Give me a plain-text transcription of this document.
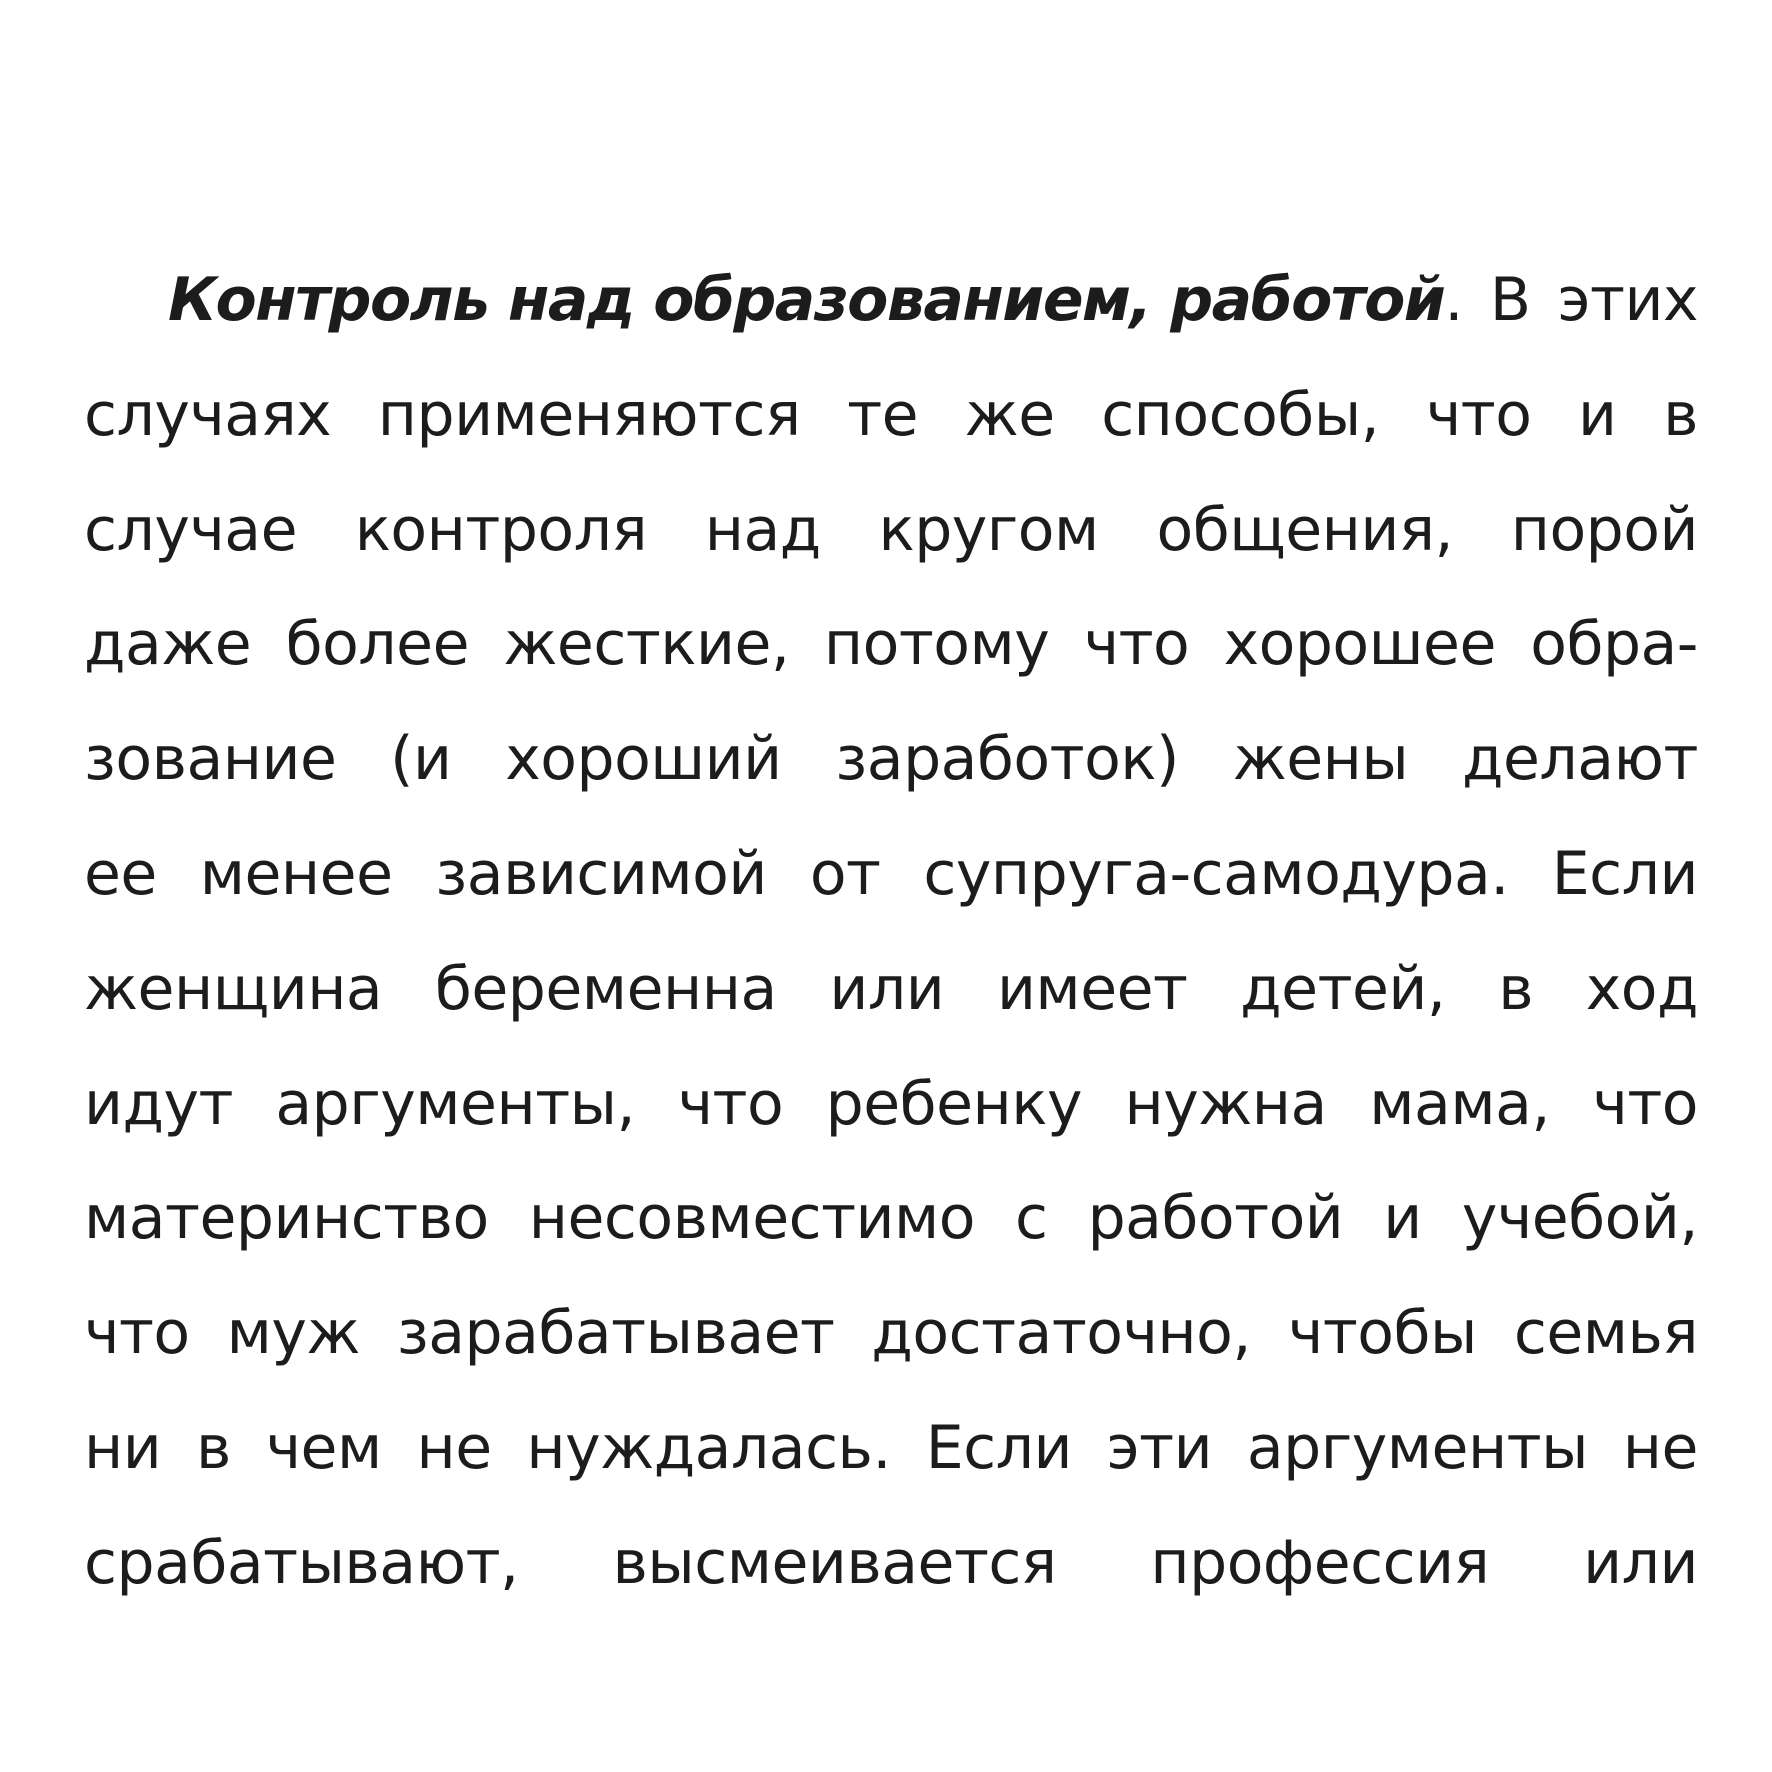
Контроль над образованием, работой. В этих
случаях применяются те же способы, что и в
случае контроля над кругом общения, порой
даже более жесткие, потому что хорошее обра-
зование (и хороший заработок) жены делают
ее менее зависимой от супруга-самодура. Если
женщина беременна или имеет детей, в ход
идут аргументы, что ребенку нужна мама, что
материнство несовместимо с работой и учебой,
что муж зарабатывает достаточно, чтобы семья
ни в чем не нуждалась. Если эти аргументы не
срабатывают, высмеивается профессия или
